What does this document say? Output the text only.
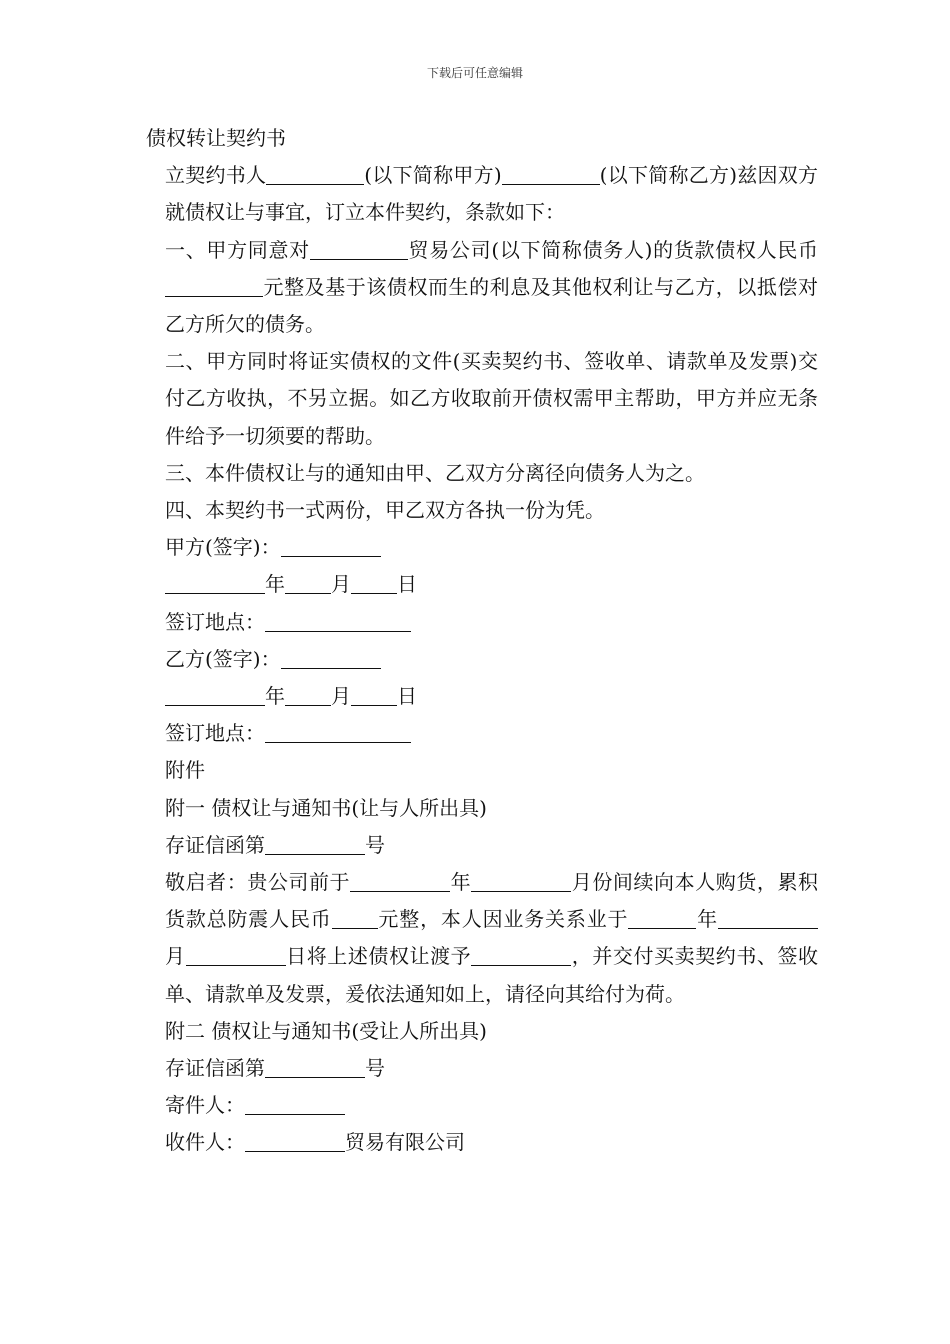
下载后可任意编辑

债权转让契约书

立契约书人	(以下简称甲方)	(以下简称乙方)兹因双方就债权让与事宜，订立本件契约，条款如下：

一、甲方同意对	贸易公司(以下简称债务人)的货款债权人民币元整及基于该债权而生的利息及其他权利让与乙方，以抵偿对乙方所欠的债务。

二、甲方同时将证实债权的文件(买卖契约书、签收单、请款单及发票)交付乙方收执，不另立据。如乙方收取前开债权需甲主帮助，甲方并应无条件给予一切须要的帮助。

三、本件债权让与的通知由甲、乙双方分离径向债务人为之。

四、本契约书一式两份，甲乙双方各执一份为凭。

甲方(签字)：

年 月 日

签订地点：

乙方(签字)：

年 月 日

签订地点：

附件

附一 债权让与通知书(让与人所出具)

存证信函第	号

敬启者：贵公司前于	年	月份间续向本人购货，累积货款总防震人民币 元整，本人因业务关系业于	年月	日将上述债权让渡予	，并交付买卖契约书、签收单、请款单及发票，爰依法通知如上，请径向其给付为荷。

附二 债权让与通知书(受让人所出具)

存证信函第	号

寄件人：

收件人：	贸易有限公司
